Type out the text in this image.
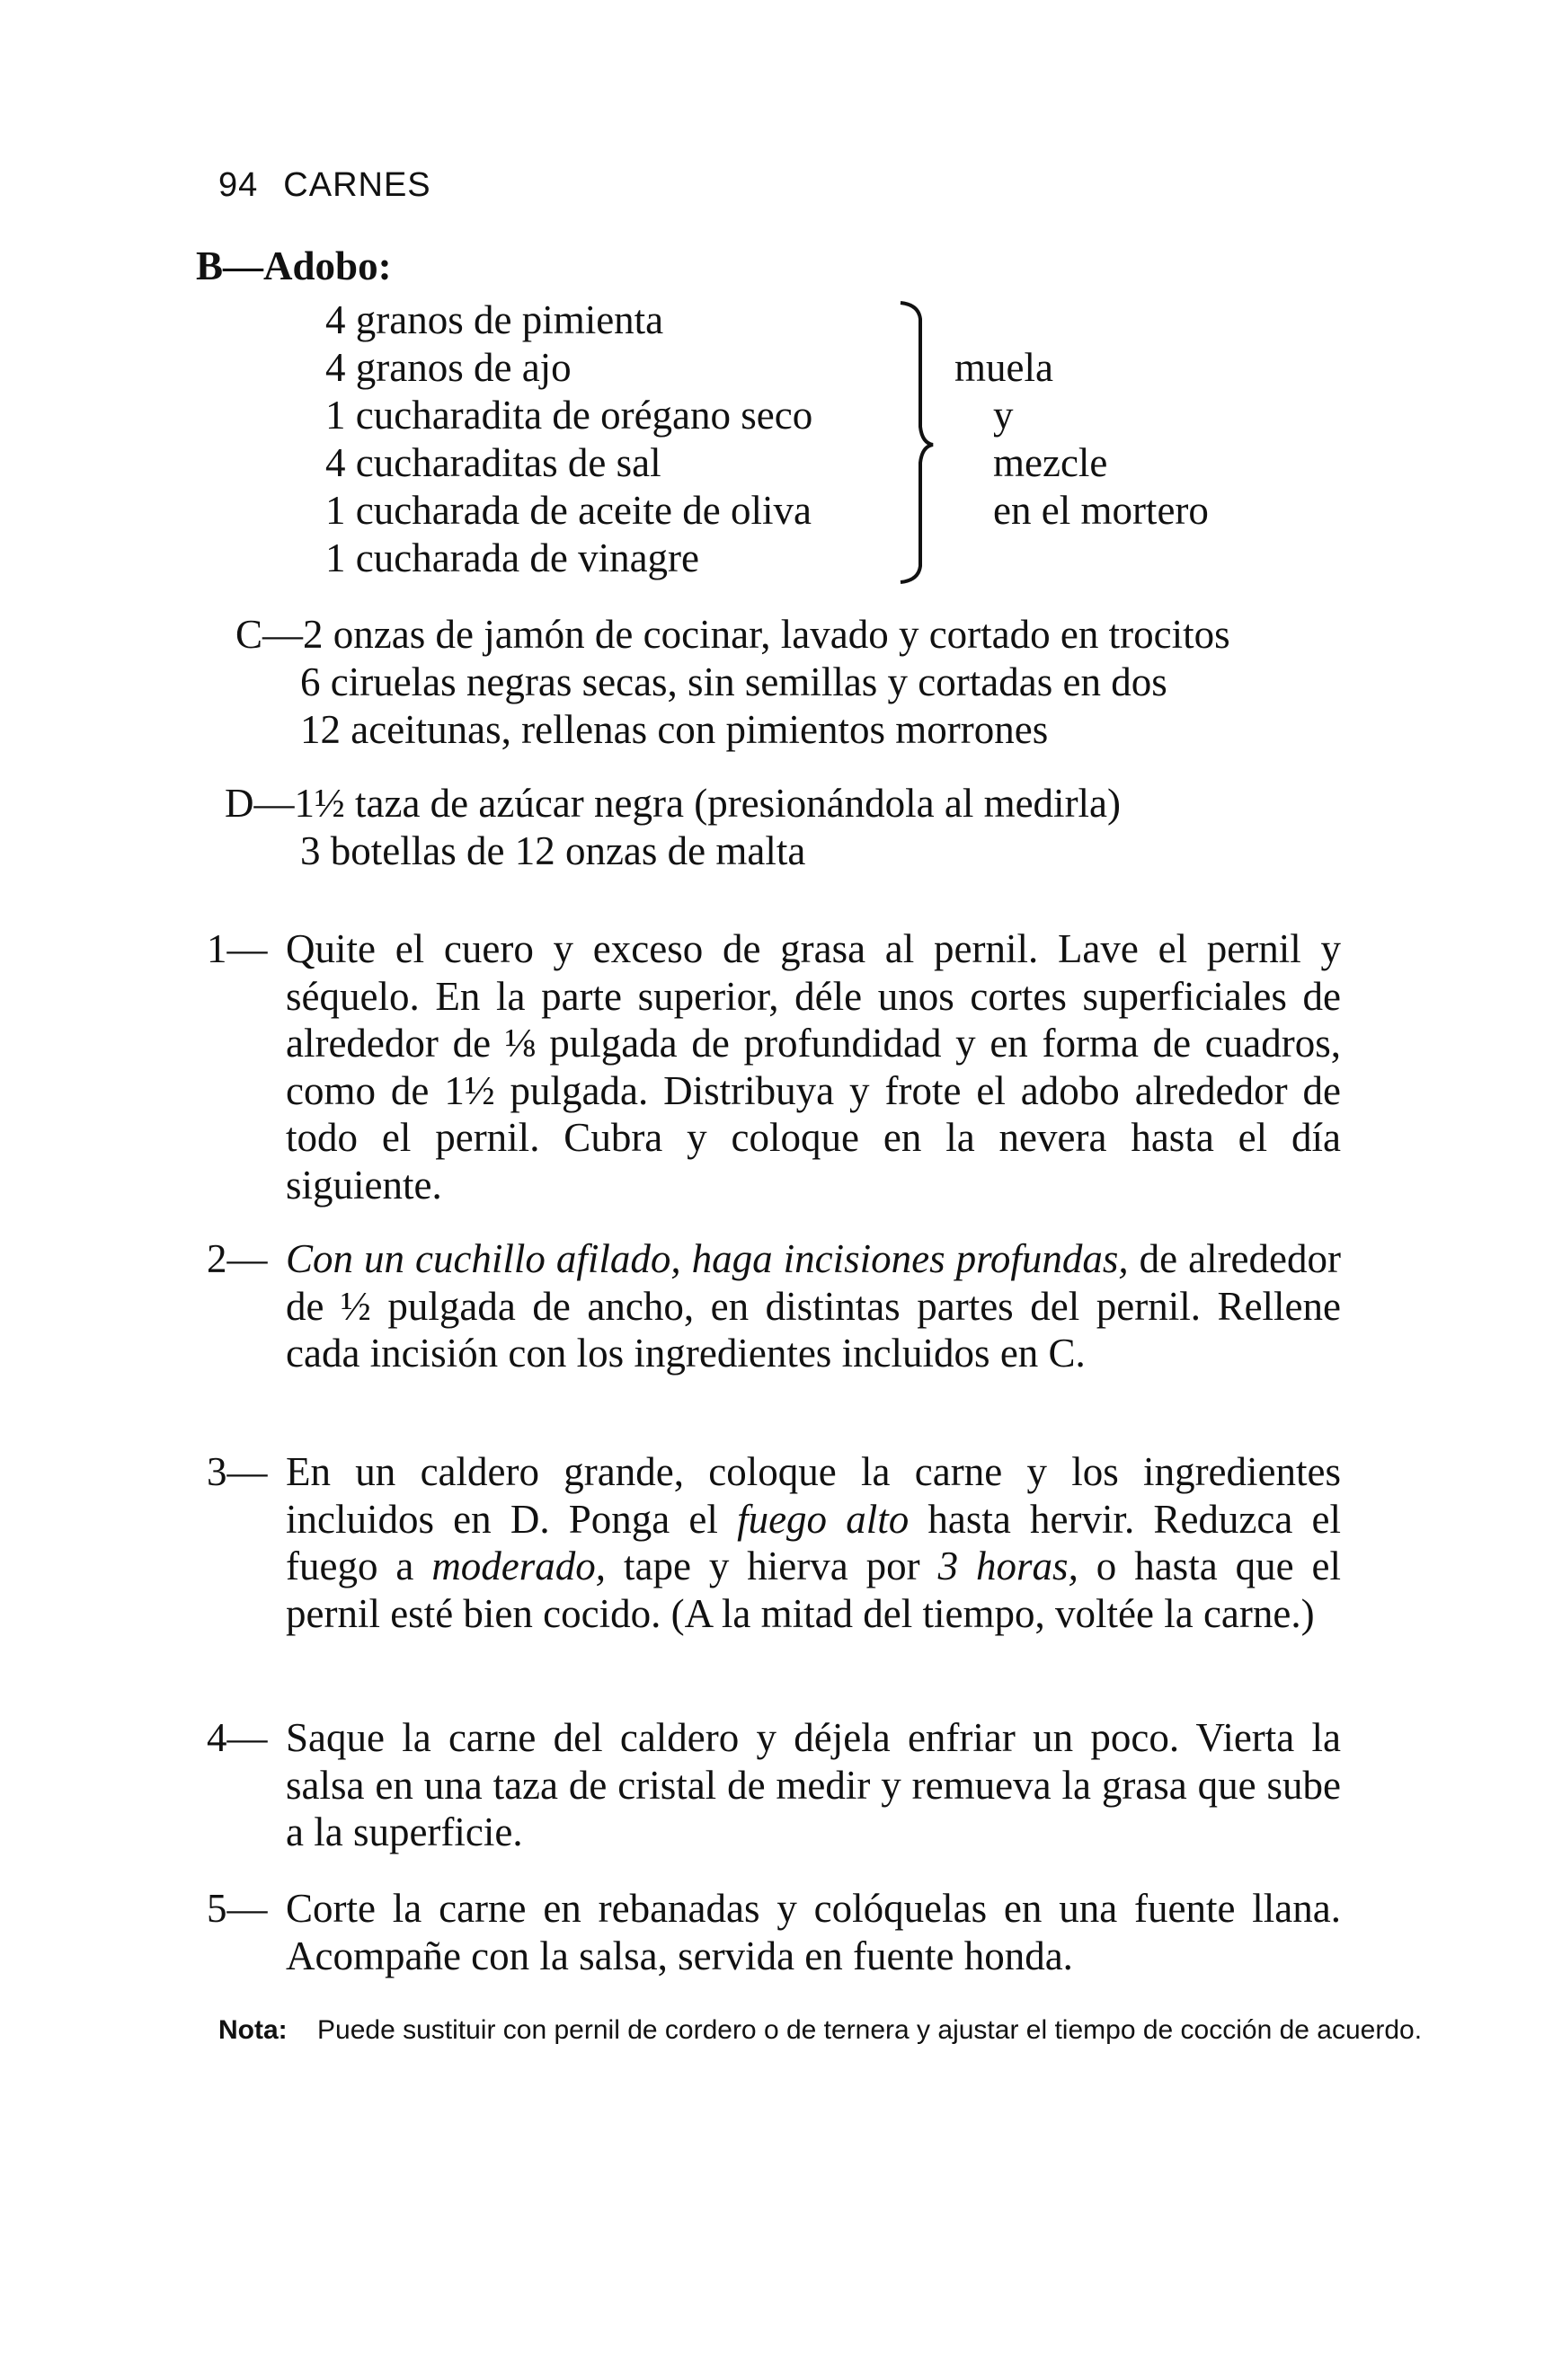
94 CARNES
B—Adobo:
4 granos de pimienta
4 granos de ajo
1 cucharadita de orégano seco
4 cucharaditas de sal
1 cucharada de aceite de oliva
1 cucharada de vinagre
muela
y
mezcle
en el mortero
C—2 onzas de jamón de cocinar, lavado y cortado en trocitos
6 ciruelas negras secas, sin semillas y cortadas en dos
12 aceitunas, rellenas con pimientos morrones
D—1½ taza de azúcar negra (presionándola al medirla)
3 botellas de 12 onzas de malta
1— Quite el cuero y exceso de grasa al pernil. Lave el pernil y séquelo. En la parte superior, déle unos cortes superficiales de alrededor de ⅛ pulgada de profundidad y en forma de cuadros, como de 1½ pulgada. Distribuya y frote el adobo alrededor de todo el pernil. Cubra y coloque en la nevera hasta el día siguiente.
2— Con un cuchillo afilado, haga incisiones profundas, de alrededor de ½ pulgada de ancho, en distintas partes del pernil. Rellene cada incisión con los ingredientes incluidos en C.
3— En un caldero grande, coloque la carne y los ingredientes incluidos en D. Ponga el fuego alto hasta hervir. Reduzca el fuego a moderado, tape y hierva por 3 horas, o hasta que el pernil esté bien cocido. (A la mitad del tiempo, voltée la carne.)
4— Saque la carne del caldero y déjela enfriar un poco. Vierta la salsa en una taza de cristal de medir y remueva la grasa que sube a la superficie.
5— Corte la carne en rebanadas y colóquelas en una fuente llana. Acompañe con la salsa, servida en fuente honda.
Nota: Puede sustituir con pernil de cordero o de ternera y ajustar el tiempo de cocción de acuerdo.
